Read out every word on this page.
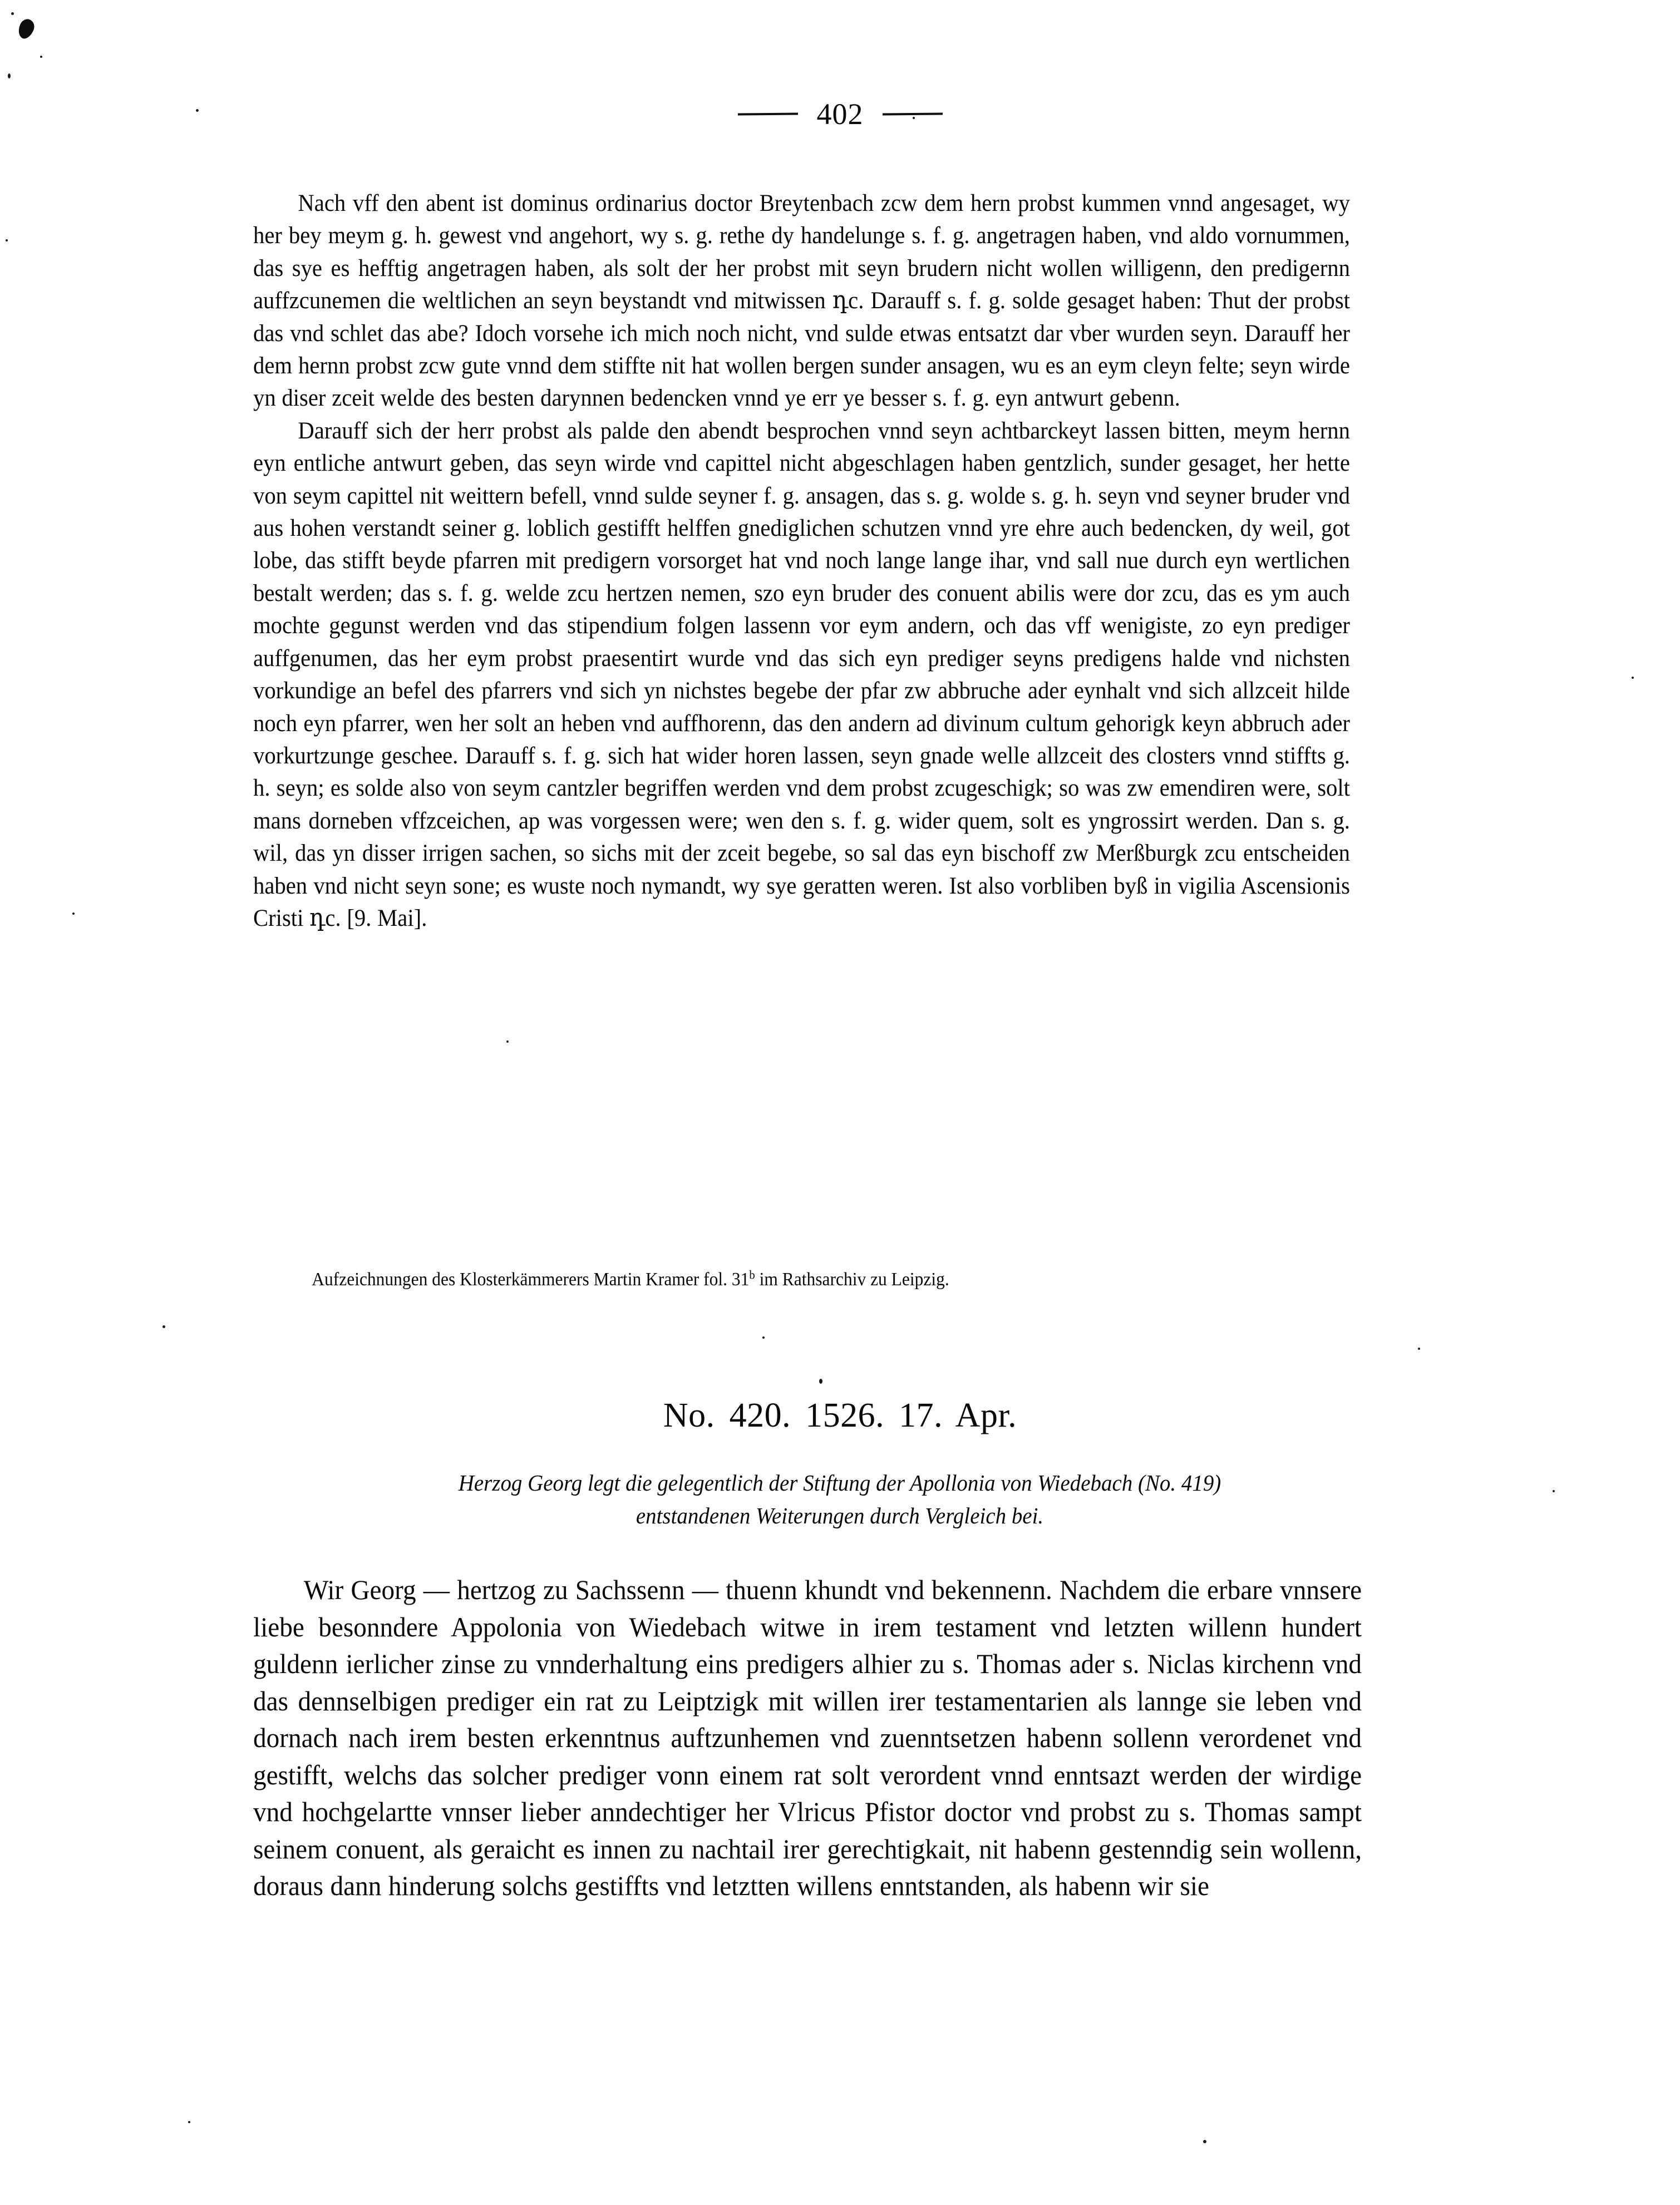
402

Nach vff den abent ist dominus ordinarius doctor Breytenbach zcw dem hern probst kummen vnnd angesaget, wy her bey meym g. h. gewest vnd angehort, wy s. g. rethe dy handelunge s. f. g. angetragen haben, vnd aldo vornummen, das sye es hefftig angetragen haben, als solt der her probst mit seyn brudern nicht wollen willigenn, den predigernn auffzcunemen die weltlichen an seyn beystandt vnd mitwissen դc. Darauff s. f. g. solde gesaget haben: Thut der probst das vnd schlet das abe? Idoch vorsehe ich mich noch nicht, vnd sulde etwas entsatzt dar vber wurden seyn. Darauff her dem hernn probst zcw gute vnnd dem stiffte nit hat wollen bergen sunder ansagen, wu es an eym cleyn felte; seyn wirde yn diser zceit welde des besten darynnen bedencken vnnd ye err ye besser s. f. g. eyn antwurt gebenn.

Darauff sich der herr probst als palde den abendt besprochen vnnd seyn achtbarckeyt lassen bitten, meym hernn eyn entliche antwurt geben, das seyn wirde vnd capittel nicht abgeschlagen haben gentzlich, sunder gesaget, her hette von seym capittel nit weittern befell, vnnd sulde seyner f. g. ansagen, das s. g. wolde s. g. h. seyn vnd seyner bruder vnd aus hohen verstandt seiner g. loblich gestifft helffen gnediglichen schutzen vnnd yre ehre auch bedencken, dy weil, got lobe, das stifft beyde pfarren mit predigern vorsorget hat vnd noch lange lange ihar, vnd sall nue durch eyn wertlichen bestalt werden; das s. f. g. welde zcu hertzen nemen, szo eyn bruder des conuent abilis were dor zcu, das es ym auch mochte gegunst werden vnd das stipendium folgen lassenn vor eym andern, och das vff wenigiste, zo eyn prediger auffgenumen, das her eym probst praesentirt wurde vnd das sich eyn prediger seyns predigens halde vnd nichsten vorkundige an befel des pfarrers vnd sich yn nichstes begebe der pfar zw abbruche ader eynhalt vnd sich allzceit hilde noch eyn pfarrer, wen her solt an heben vnd auffhorenn, das den andern ad divinum cultum gehorigk keyn abbruch ader vorkurtzunge geschee. Darauff s. f. g. sich hat wider horen lassen, seyn gnade welle allzceit des closters vnnd stiffts g. h. seyn; es solde also von seym cantzler begriffen werden vnd dem probst zcugeschigk; so was zw emendiren were, solt mans dorneben vffzceichen, ap was vorgessen were; wen den s. f. g. wider quem, solt es yngrossirt werden. Dan s. g. wil, das yn disser irrigen sachen, so sichs mit der zceit begebe, so sal das eyn bischoff zw Merßburgk zcu entscheiden haben vnd nicht seyn sone; es wuste noch nymandt, wy sye geratten weren. Ist also vorbliben byß in vigilia Ascensionis Cristi դc. [9. Mai].

Aufzeichnungen des Klosterkämmerers Martin Kramer fol. 31$^b$ im Rathsarchiv zu Leipzig.
No. 420. 1526. 17. Apr.
Herzog Georg legt die gelegentlich der Stiftung der Apollonia von Wiedebach (No. 419)
entstandenen Weiterungen durch Vergleich bei.

Wir Georg — hertzog zu Sachssenn — thuenn khundt vnd bekennenn. Nachdem die erbare vnnsere liebe besonndere Appolonia von Wiedebach witwe in irem testament vnd letzten willenn hundert guldenn ierlicher zinse zu vnnderhaltung eins predigers alhier zu s. Thomas ader s. Niclas kirchenn vnd das dennselbigen prediger ein rat zu Leiptzigk mit willen irer testamentarien als lannge sie leben vnd dornach nach irem besten erkenntnus auftzunhemen vnd zuenntsetzen habenn sollenn verordenet vnd gestifft, welchs das solcher prediger vonn einem rat solt verordent vnnd enntsazt werden der wirdige vnd hochgelartte vnnser lieber anndechtiger her Vlricus Pfistor doctor vnd probst zu s. Thomas sampt seinem conuent, als geraicht es innen zu nachtail irer gerechtigkait, nit habenn gestenndig sein wollenn, doraus dann hinderung solchs gestiffts vnd letztten willens enntstanden, als habenn wir sie
